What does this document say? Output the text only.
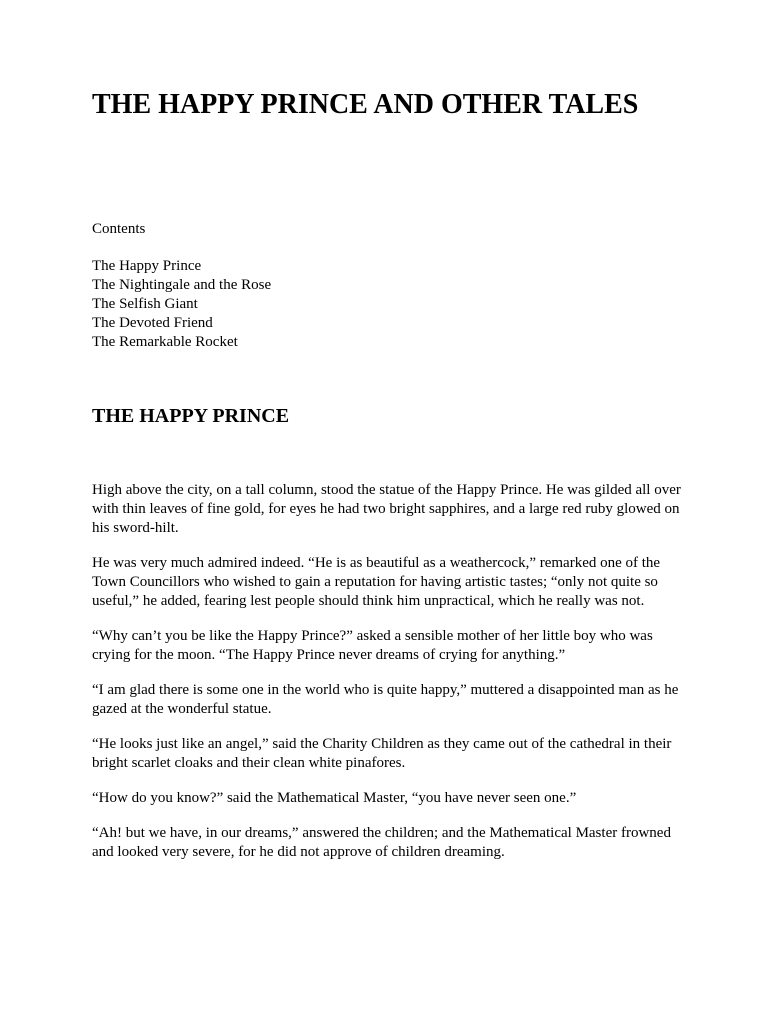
THE HAPPY PRINCE AND OTHER TALES

Contents

The Happy Prince
The Nightingale and the Rose
The Selfish Giant
The Devoted Friend
The Remarkable Rocket
THE HAPPY PRINCE

High above the city, on a tall column, stood the statue of the Happy Prince. He was gilded all over with thin leaves of fine gold, for eyes he had two bright sapphires, and a large red ruby glowed on his sword-hilt.

He was very much admired indeed. “He is as beautiful as a weathercock,” remarked one of the Town Councillors who wished to gain a reputation for having artistic tastes; “only not quite so useful,” he added, fearing lest people should think him unpractical, which he really was not.

“Why can’t you be like the Happy Prince?” asked a sensible mother of her little boy who was crying for the moon. “The Happy Prince never dreams of crying for anything.”

“I am glad there is some one in the world who is quite happy,” muttered a disappointed man as he gazed at the wonderful statue.

“He looks just like an angel,” said the Charity Children as they came out of the cathedral in their bright scarlet cloaks and their clean white pinafores.

“How do you know?” said the Mathematical Master, “you have never seen one.”

“Ah! but we have, in our dreams,” answered the children; and the Mathematical Master frowned and looked very severe, for he did not approve of children dreaming.
